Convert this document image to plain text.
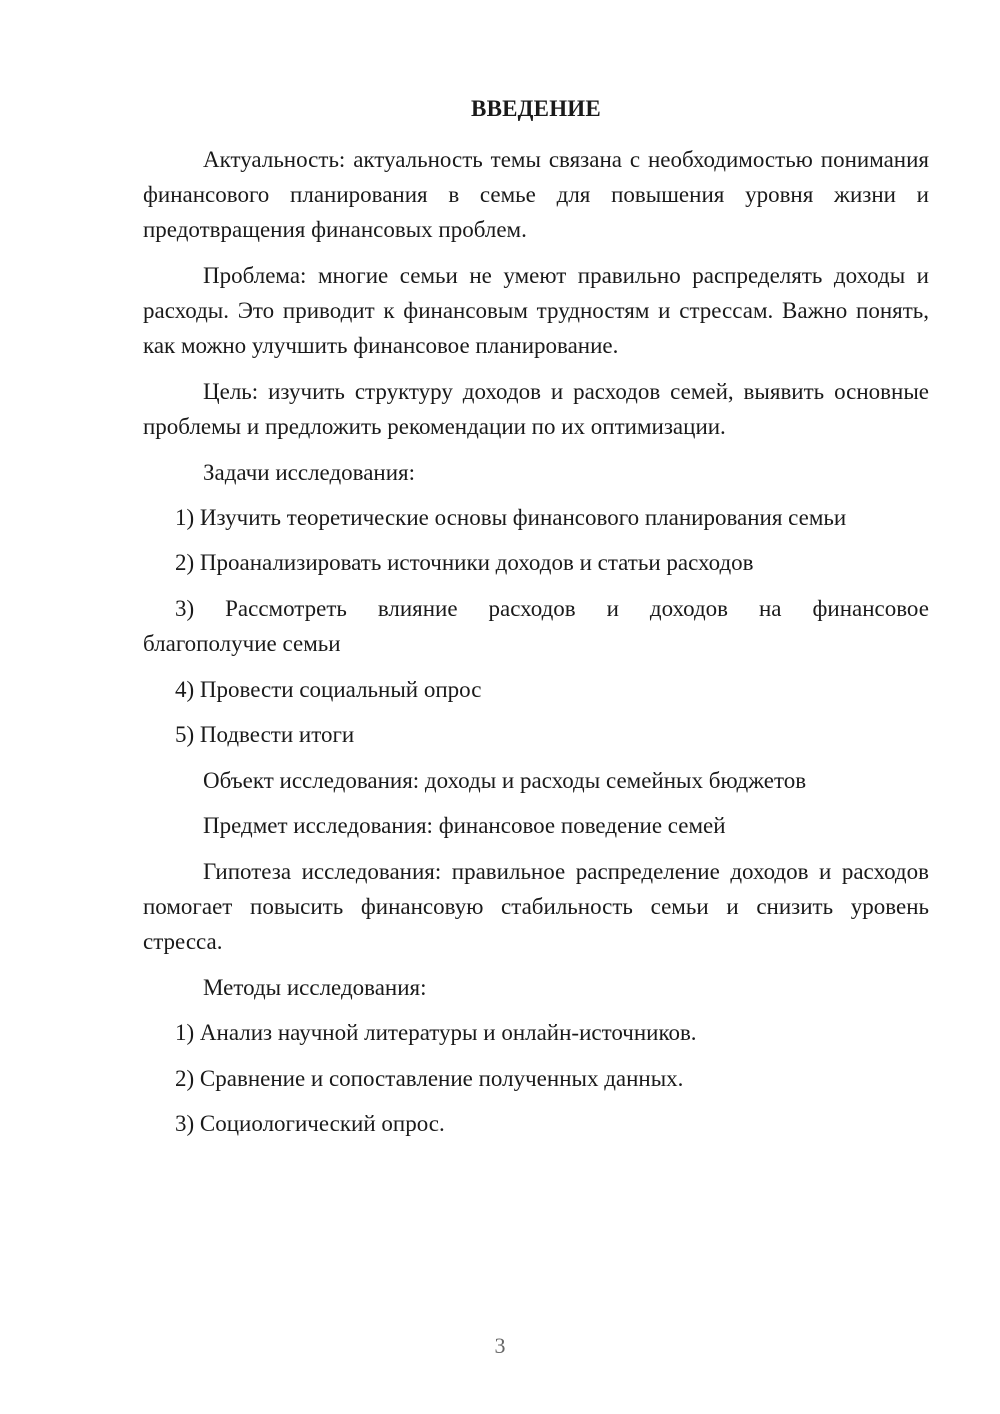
ВВЕДЕНИЕ

Актуальность: актуальность темы связана с необходимостью понимания финансового планирования в семье для повышения уровня жизни и предотвращения финансовых проблем.

Проблема: многие семьи не умеют правильно распределять доходы и расходы. Это приводит к финансовым трудностям и стрессам. Важно понять, как можно улучшить финансовое планирование.

Цель: изучить структуру доходов и расходов семей, выявить основные проблемы и предложить рекомендации по их оптимизации.

Задачи исследования:

1) Изучить теоретические основы финансового планирования семьи

2) Проанализировать источники доходов и статьи расходов

3) Рассмотреть влияние расходов и доходов на финансовое

благополучие семьи

4) Провести социальный опрос

5) Подвести итоги

Объект исследования: доходы и расходы семейных бюджетов

Предмет исследования: финансовое поведение семей

Гипотеза исследования: правильное распределение доходов и расходов помогает повысить финансовую стабильность семьи и снизить уровень стресса.

Методы исследования:

1) Анализ научной литературы и онлайн-источников.

2) Сравнение и сопоставление полученных данных.

3) Социологический опрос.

3
